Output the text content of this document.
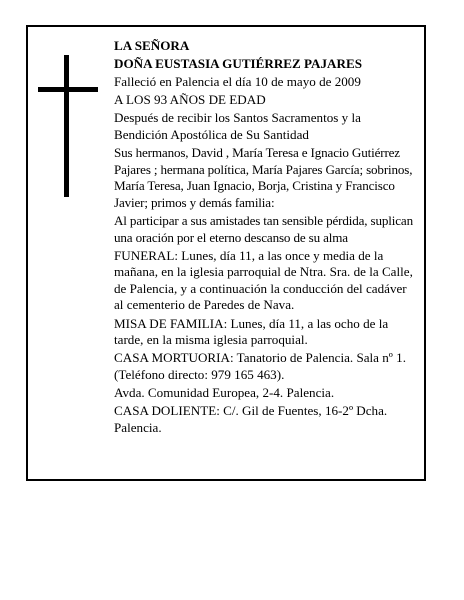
LA SEÑORA

DOÑA EUSTASIA GUTIÉRREZ PAJARES

Falleció en Palencia el día 10 de mayo de 2009

A LOS 93 AÑOS DE EDAD

Después de recibir los Santos Sacramentos y la Bendición Apostólica de Su Santidad

Sus hermanos, David , María Teresa e Ignacio Gutiérrez Pajares ; hermana política, María Pajares García; sobrinos, María Teresa, Juan Ignacio, Borja, Cristina y Francisco Javier; primos y demás familia:

Al participar a sus amistades tan sensible pérdida, suplican una oración por el eterno descanso de su alma

FUNERAL: Lunes, día 11, a las once y media de la mañana, en la iglesia parroquial de Ntra. Sra. de la Calle, de Palencia, y a continuación la conducción del cadáver al cementerio de Paredes de Nava.

MISA DE FAMILIA: Lunes, día 11, a las ocho de la tarde, en la misma iglesia parroquial.

CASA MORTUORIA: Tanatorio de Palencia. Sala nº 1. (Teléfono directo: 979 165 463).

Avda. Comunidad Europea, 2-4. Palencia.

CASA DOLIENTE: C/. Gil de Fuentes, 16-2º Dcha. Palencia.
